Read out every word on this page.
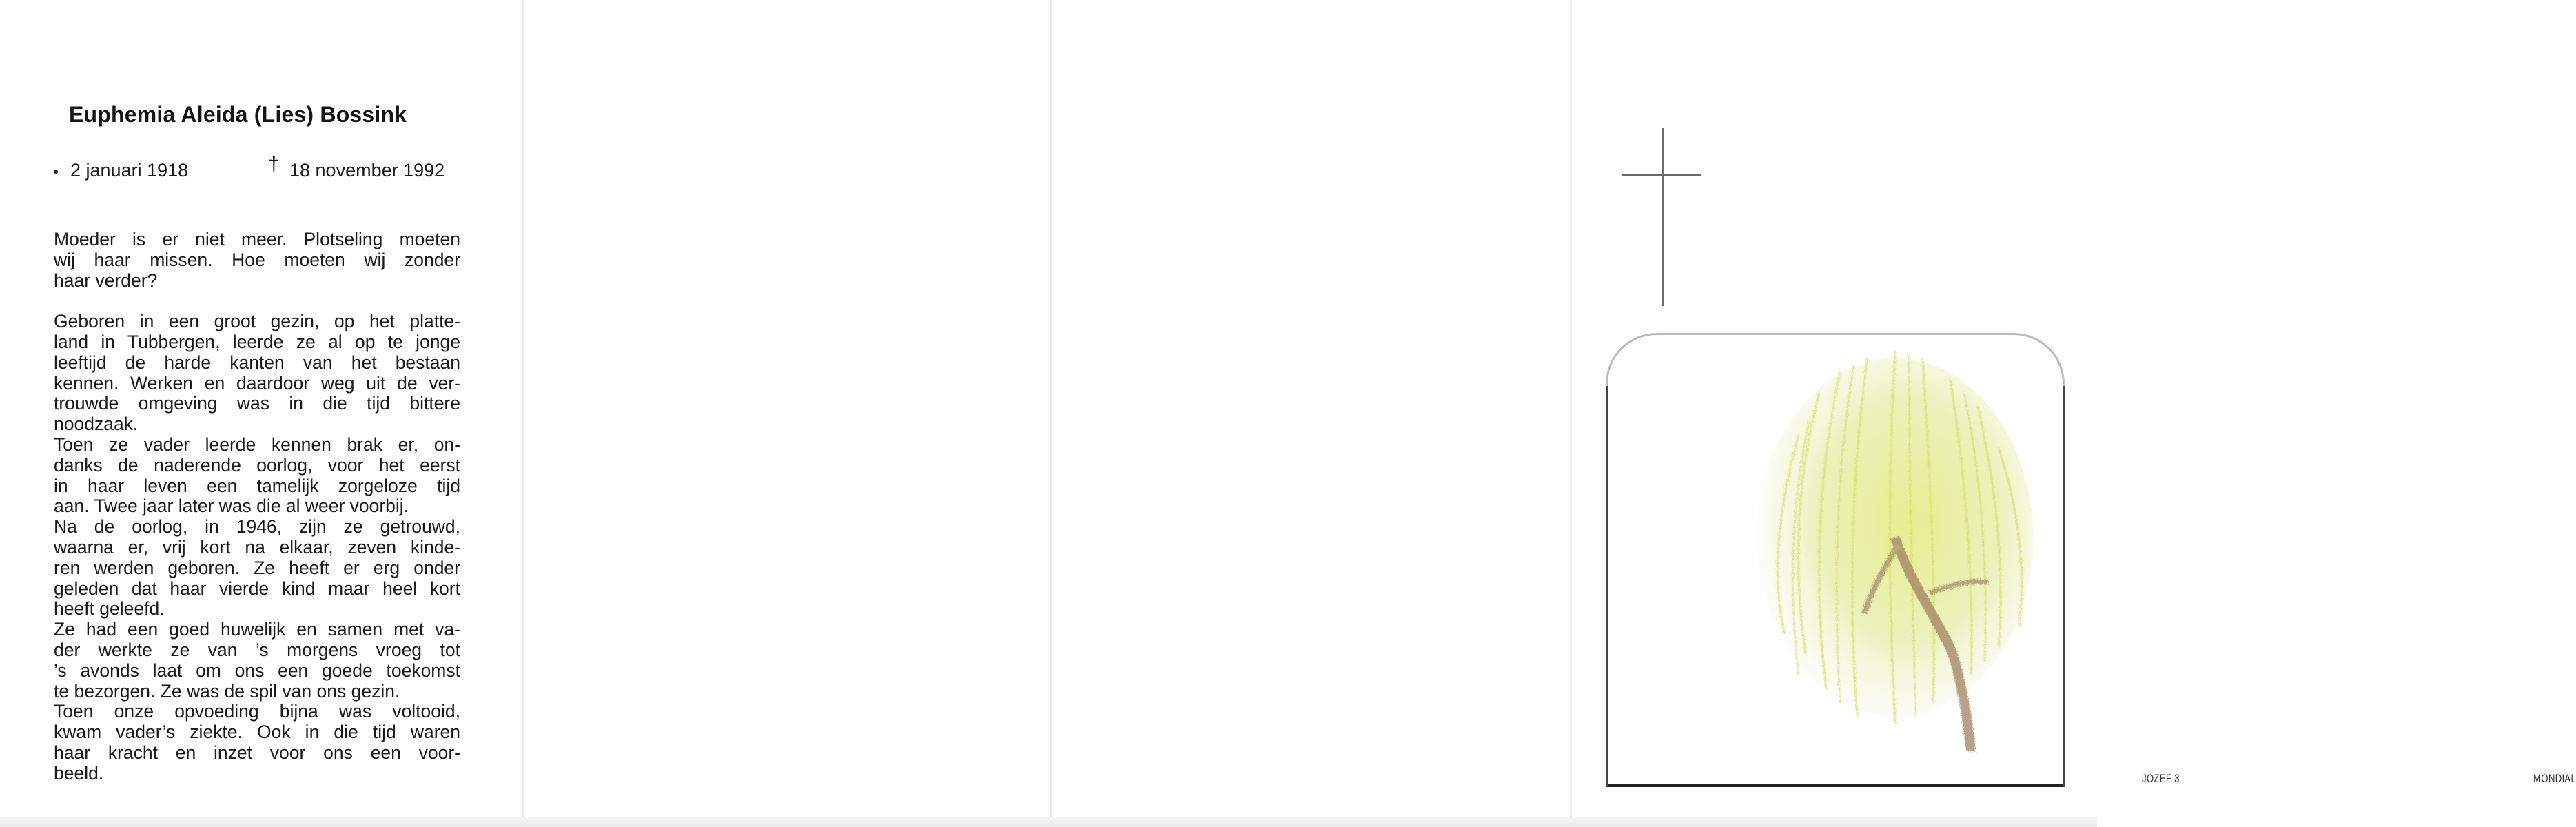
Euphemia Aleida (Lies) Bossink
2 januari 1918	† 18 november 1992
Moeder is er niet meer. Plotseling moeten
wij haar missen. Hoe moeten wij zonder
haar verder?
Geboren in een groot gezin, op het platte-
land in Tubbergen, leerde ze al op te jonge
leeftijd de harde kanten van het bestaan
kennen. Werken en daardoor weg uit de ver-
trouwde omgeving was in die tijd bittere
noodzaak.
Toen ze vader leerde kennen brak er, on-
danks de naderende oorlog, voor het eerst
in haar leven een tamelijk zorgeloze tijd
aan. Twee jaar later was die al weer voorbij.
Na de oorlog, in 1946, zijn ze getrouwd,
waarna er, vrij kort na elkaar, zeven kinde-
ren werden geboren. Ze heeft er erg onder
geleden dat haar vierde kind maar heel kort
heeft geleefd.
Ze had een goed huwelijk en samen met va-
der werkte ze van ’s morgens vroeg tot
’s avonds laat om ons een goede toekomst
te bezorgen. Ze was de spil van ons gezin.
Toen onze opvoeding bijna was voltooid,
kwam vader’s ziekte. Ook in die tijd waren
haar kracht en inzet voor ons een voor-
beeld.	JOZEF 3	MONDIAL
